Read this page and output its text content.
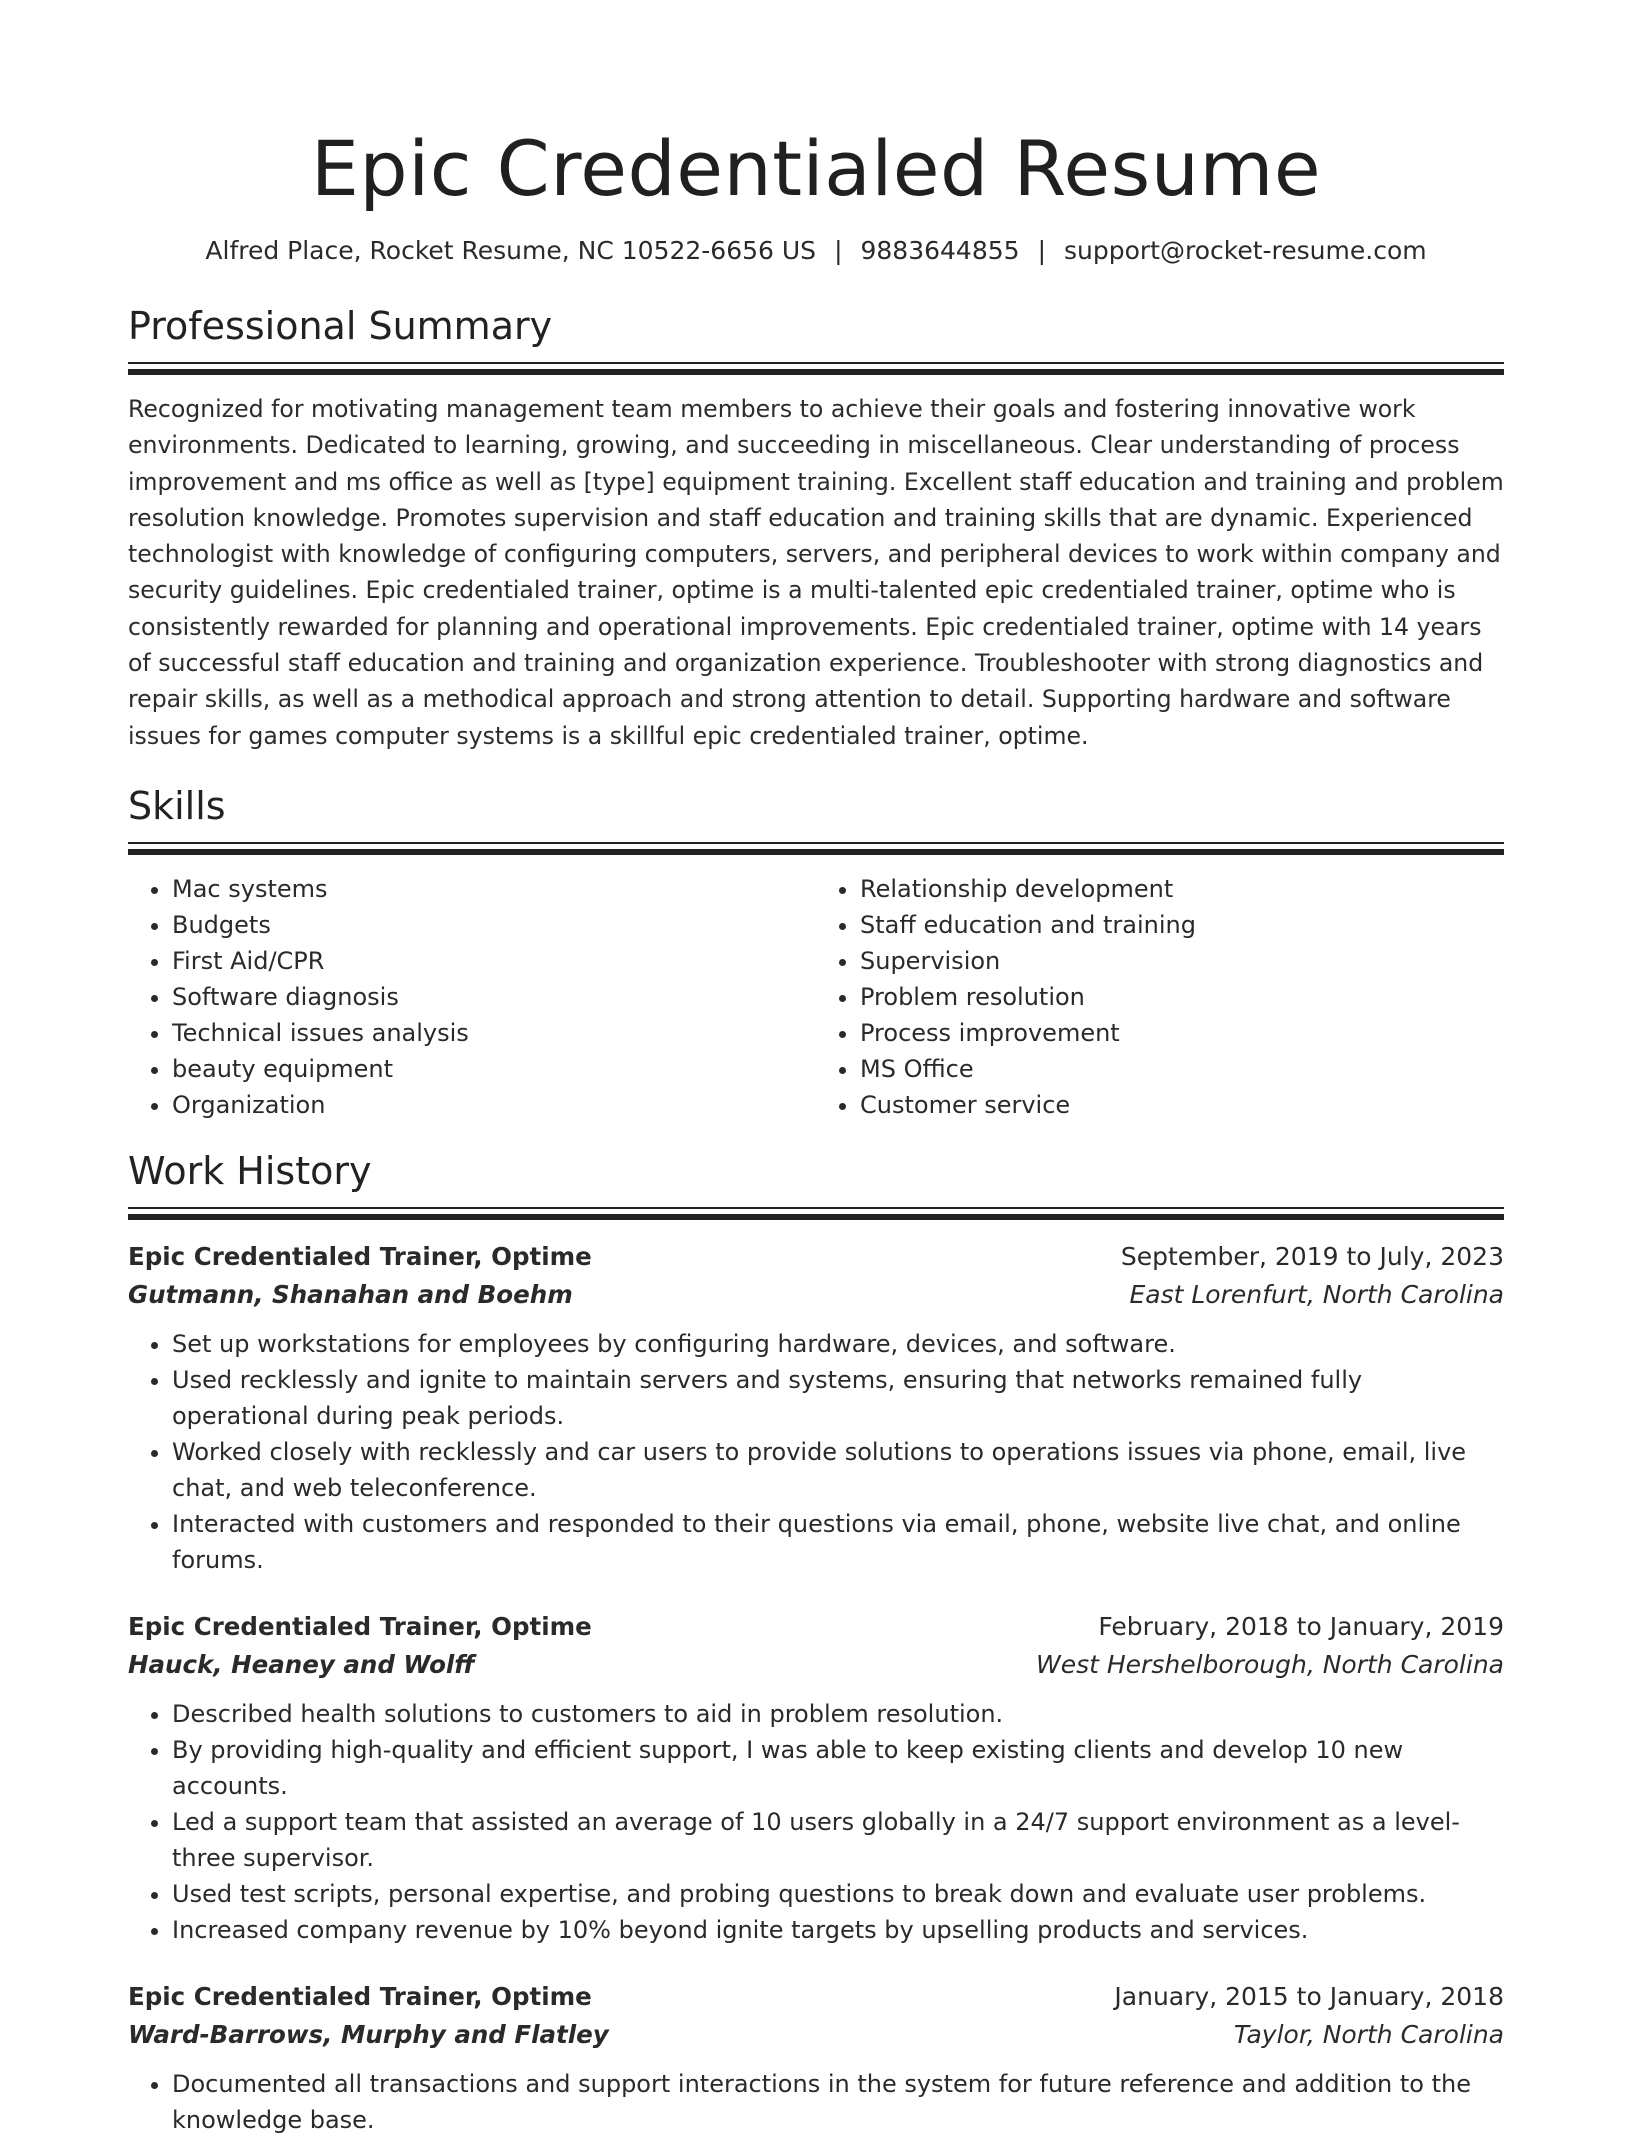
Epic Credentialed Resume
Alfred Place, Rocket Resume, NC 10522-6656 US | 9883644855 | support@rocket-resume.com
Professional Summary

Recognized for motivating management team members to achieve their goals and fostering innovative work environments. Dedicated to learning, growing, and succeeding in miscellaneous. Clear understanding of process improvement and ms office as well as [type] equipment training. Excellent staff education and training and problem resolution knowledge. Promotes supervision and staff education and training skills that are dynamic. Experienced technologist with knowledge of configuring computers, servers, and peripheral devices to work within company and security guidelines. Epic credentialed trainer, optime is a multi-talented epic credentialed trainer, optime who is consistently rewarded for planning and operational improvements. Epic credentialed trainer, optime with 14 years of successful staff education and training and organization experience. Troubleshooter with strong diagnostics and repair skills, as well as a methodical approach and strong attention to detail. Supporting hardware and software issues for games computer systems is a skillful epic credentialed trainer, optime.

Skills
• Mac systems
• Budgets
• First Aid/CPR
• Software diagnosis
• Technical issues analysis
• beauty equipment
• Organization
• Relationship development
• Staff education and training
• Supervision
• Problem resolution
• Process improvement
• MS Office
• Customer service
Work History
Epic Credentialed Trainer, Optime	September, 2019 to July, 2023
Gutmann, Shanahan and Boehm	East Lorenfurt, North Carolina
• Set up workstations for employees by configuring hardware, devices, and software.
• Used recklessly and ignite to maintain servers and systems, ensuring that networks remained fully operational during peak periods.
• Worked closely with recklessly and car users to provide solutions to operations issues via phone, email, live chat, and web teleconference.
• Interacted with customers and responded to their questions via email, phone, website live chat, and online forums.
Epic Credentialed Trainer, Optime	February, 2018 to January, 2019
Hauck, Heaney and Wolff	West Hershelborough, North Carolina
• Described health solutions to customers to aid in problem resolution.
• By providing high-quality and efficient support, I was able to keep existing clients and develop 10 new accounts.
• Led a support team that assisted an average of 10 users globally in a 24/7 support environment as a level-three supervisor.
• Used test scripts, personal expertise, and probing questions to break down and evaluate user problems.
• Increased company revenue by 10% beyond ignite targets by upselling products and services.
Epic Credentialed Trainer, Optime	January, 2015 to January, 2018
Ward-Barrows, Murphy and Flatley	Taylor, North Carolina
• Documented all transactions and support interactions in the system for future reference and addition to the knowledge base.
